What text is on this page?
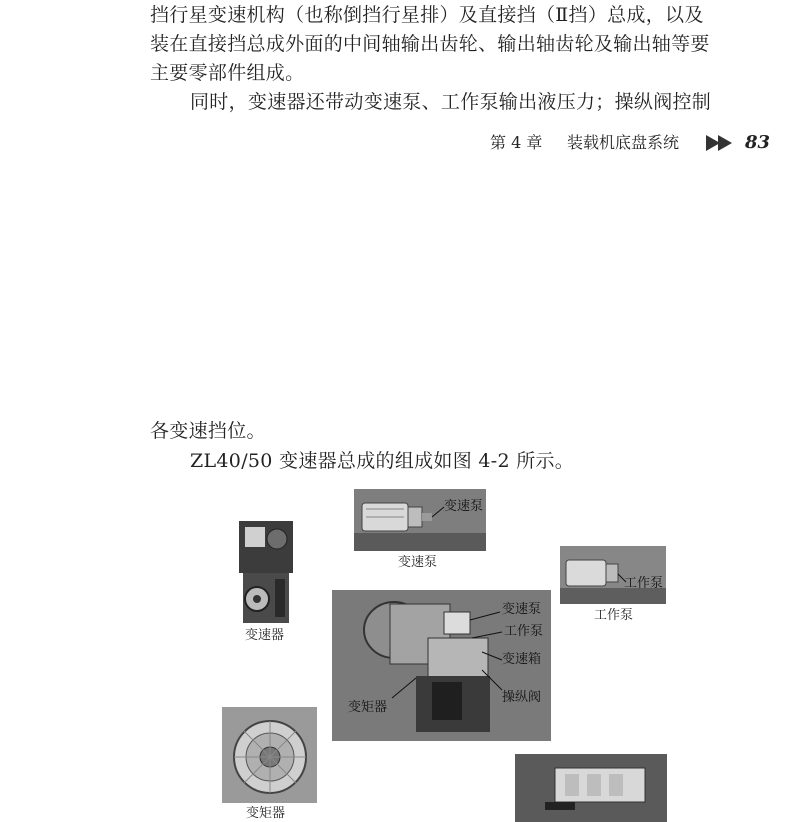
挡行星变速机构（也称倒挡行星排）及直接挡（Ⅱ挡）总成，以及
装在直接挡总成外面的中间轴输出齿轮、输出轴齿轮及输出轴等要
主要零部件组成。
同时，变速器还带动变速泵、工作泵输出液压力；操纵阀控制
第 4 章 装载机底盘系统	83
各变速挡位。
ZL40/50 变速器总成的组成如图 4-2 所示。
变速泵
变速泵
工作泵
工作泵
变速器
变速泵
工作泵
变速箱
操纵阀
变矩器
变矩器
